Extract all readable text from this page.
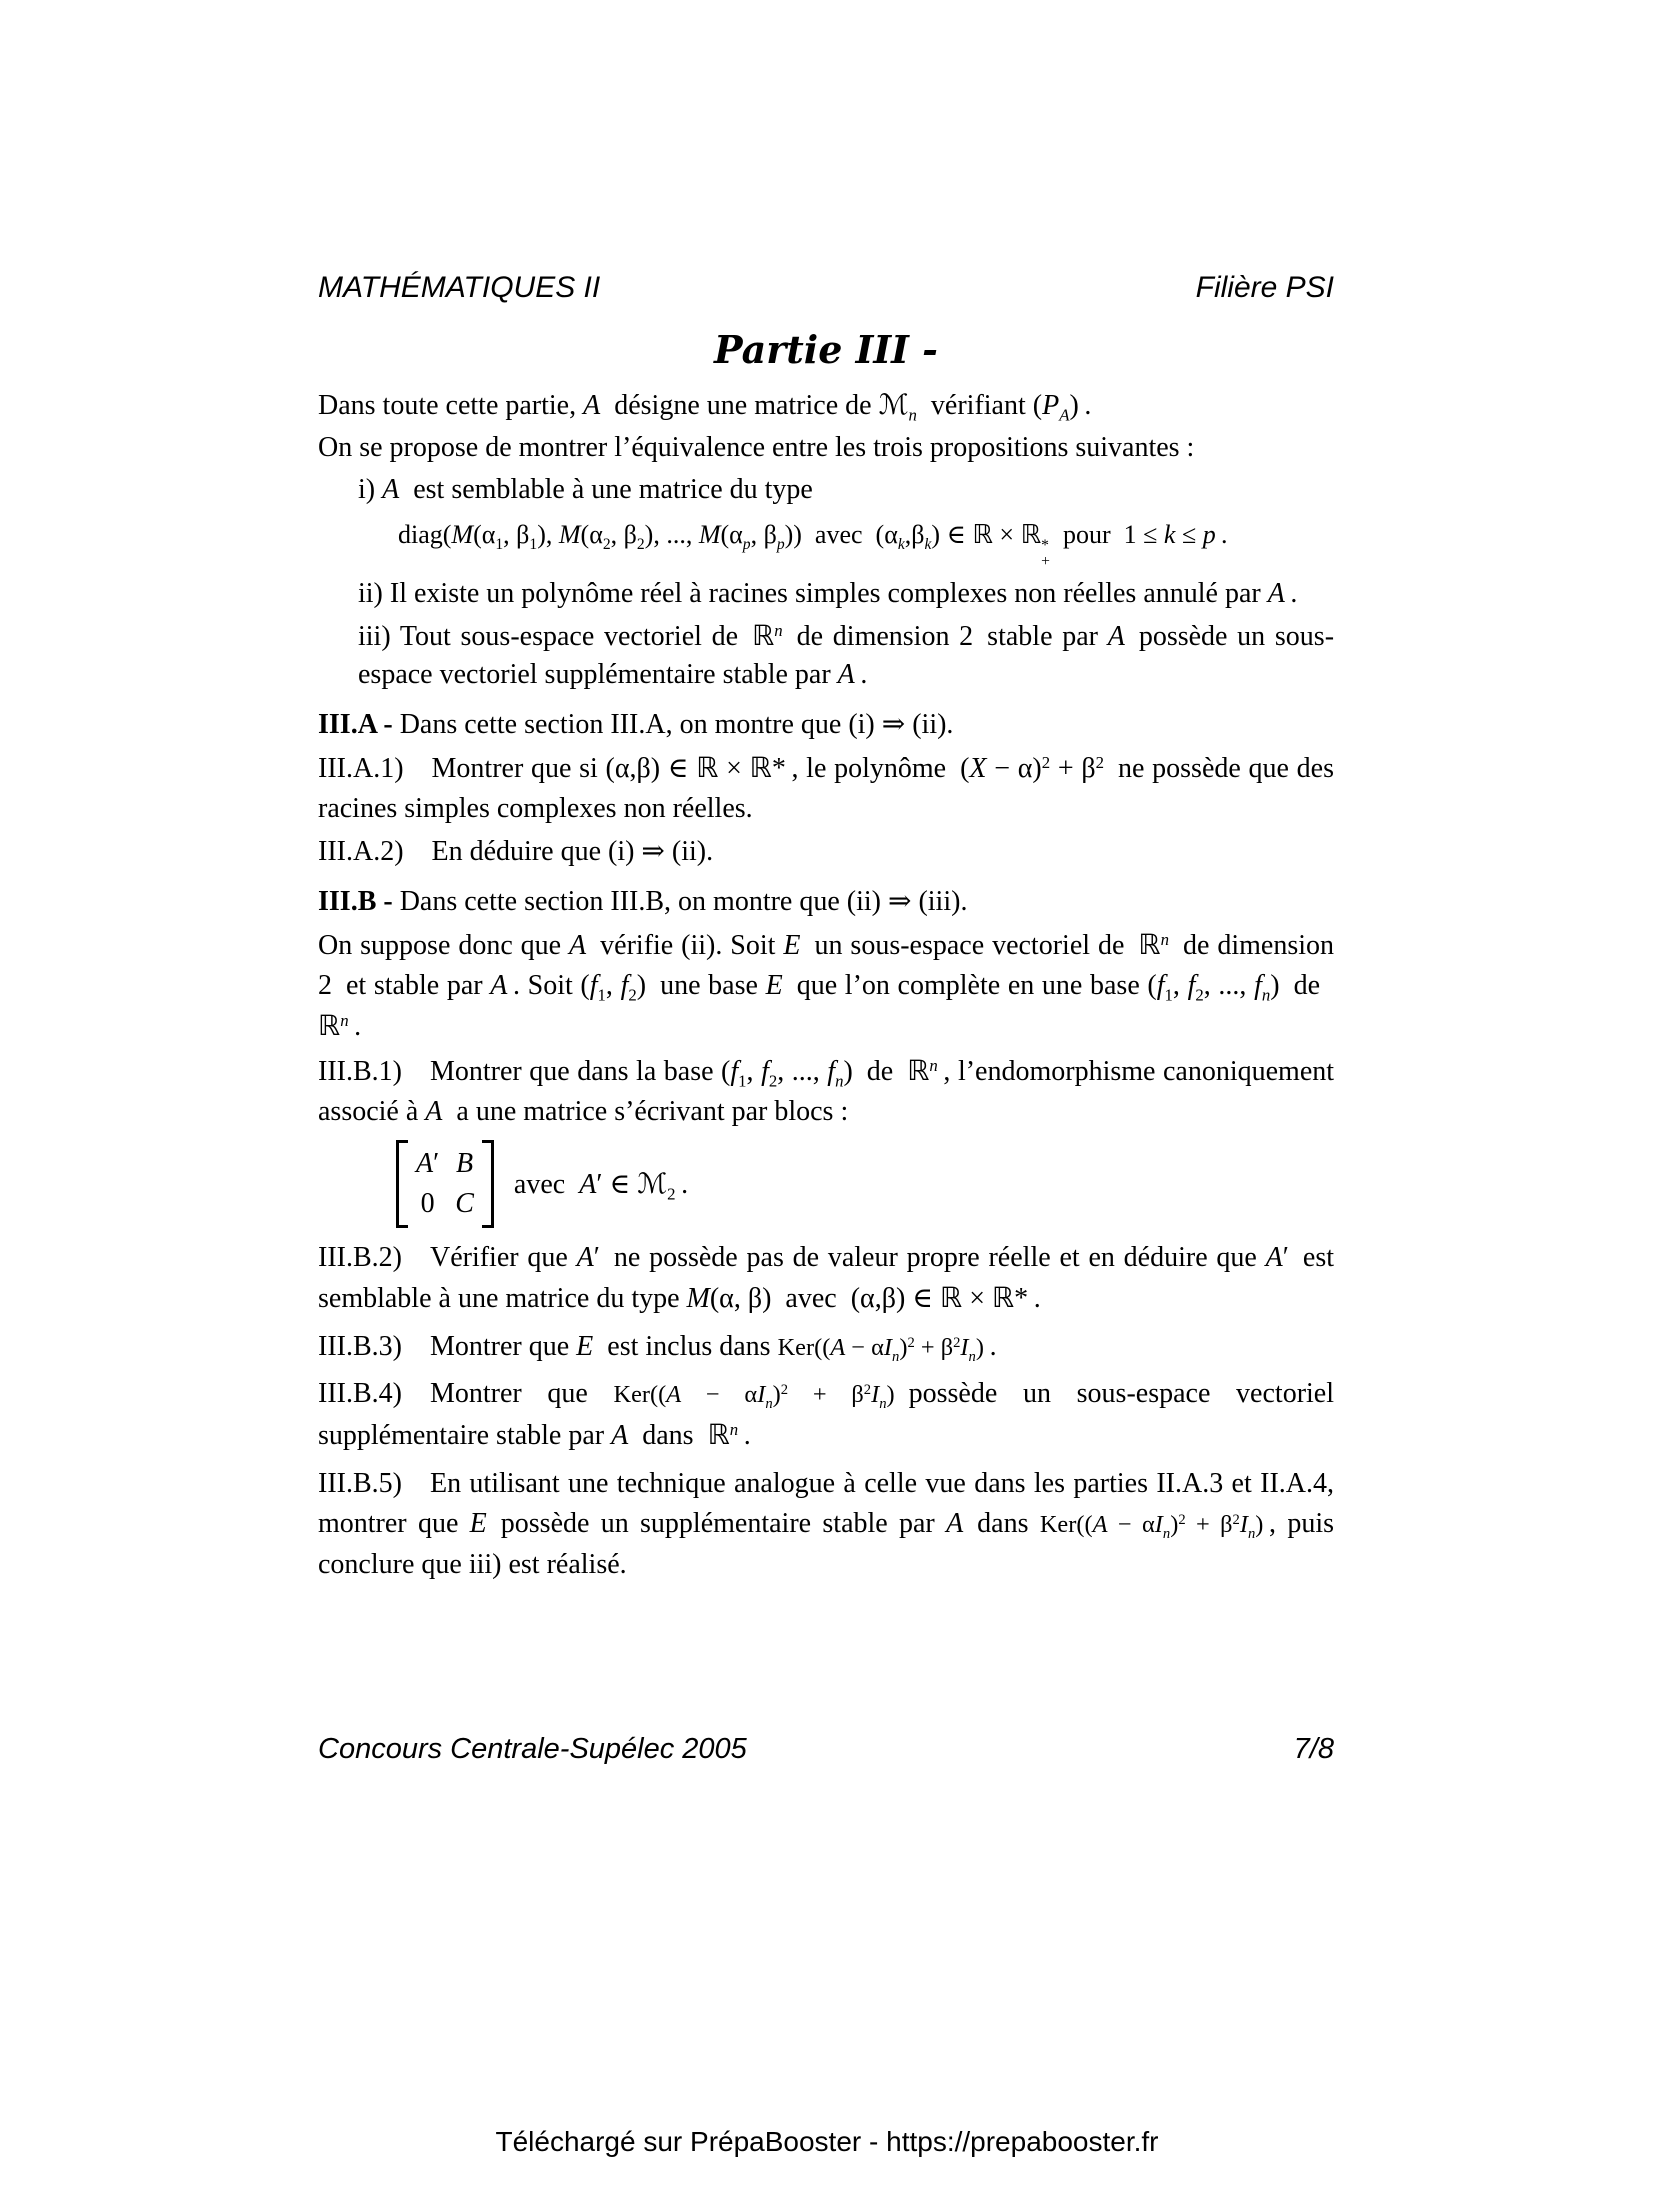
MATHÉMATIQUES II	Filière PSI
Partie III -
Dans toute cette partie, A désigne une matrice de ℳ$_n$ vérifiant $(P_A)$ .
On se propose de montrer l’équivalence entre les trois propositions suivantes :
i) A est semblable à une matrice du type
$diag(M(\alpha_1$, $\beta_1$), $M(\alpha_2$, $\beta_2$), ..., $M(\alpha_p$, $\beta_p$)) avec $(\alpha_k,\beta_k)$ ∈ ℝ × ℝ *
+
 pour 1 ≤ k ≤ p .
ii) Il existe un polynôme réel à racines simples complexes non réelles annulé par A .
iii) Tout sous-espace vectoriel de ℝ$^n$ de dimension 2 stable par A possède un sous-espace vectoriel supplémentaire stable par A .
III.A - Dans cette section III.A, on montre que (i) ⇒ (ii).
III.A.1)  Montrer que si (α,β) ∈ ℝ × ℝ* , le polynôme $(X - \alpha)^2 + \beta^2$ ne possède que des racines simples complexes non réelles.
III.A.2)  En déduire que (i) ⇒ (ii).
III.B - Dans cette section III.B, on montre que (ii) ⇒ (iii).
On suppose donc que A vérifie (ii). Soit E un sous-espace vectoriel de ℝ$^n$ de dimension 2 et stable par A . Soit ($f_1$, $f_2$) une base E que l’on complète en une base ($f_1$, $f_2$, ..., $f_n$) de ℝ$^n$ .
III.B.1)  Montrer que dans la base ($f_1$, $f_2$, ..., $f_n$) de ℝ$^n$ , l’endomorphisme canoniquement associé à A a une matrice s’écrivant par blocs :
A′ B
0 C
avec A′ ∈ ℳ$_2$ .
III.B.2)  Vérifier que A′ ne possède pas de valeur propre réelle et en déduire que A′ est semblable à une matrice du type M(α, β) avec (α,β) ∈ ℝ × ℝ* .
III.B.3)  Montrer que E est inclus dans $Ker((A - \alpha I_n)^2 + \beta^2I_n)$ .
III.B.4)  Montrer que $Ker((A - \alpha I_n)^2 + \beta^2I_n)$ possède un sous-espace vectoriel supplémentaire stable par A dans ℝ$^n$ .
III.B.5)  En utilisant une technique analogue à celle vue dans les parties II.A.3 et II.A.4, montrer que E possède un supplémentaire stable par A dans $Ker((A - \alpha I_n)^2 + \beta^2I_n)$ , puis conclure que iii) est réalisé.
Concours Centrale-Supélec 2005	7/8
Téléchargé sur PrépaBooster - https://prepabooster.fr
